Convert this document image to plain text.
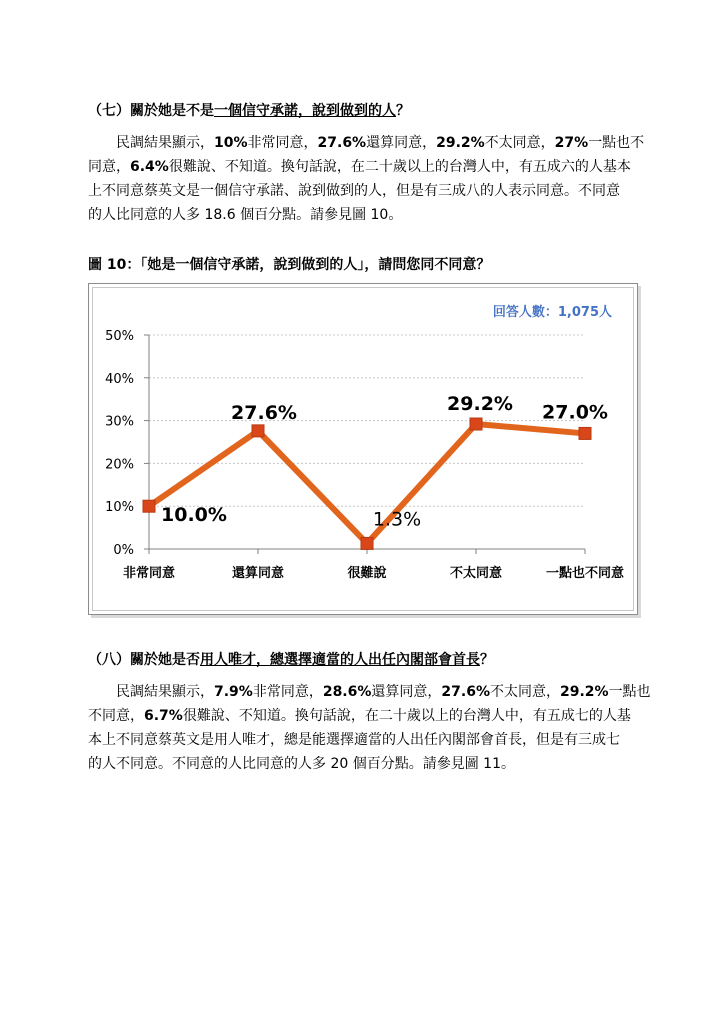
（七）關於她是不是一個信守承諾，說到做到的人？
民調結果顯示，10%非常同意，27.6%還算同意，29.2%不太同意，27%一點也不
同意，6.4%很難說、不知道。換句話說，在二十歲以上的台灣人中，有五成六的人基本
上不同意蔡英文是一個信守承諾、說到做到的人，但是有三成八的人表示同意。不同意
的人比同意的人多 18.6 個百分點。請參見圖 10。
圖 10：「她是一個信守承諾，說到做到的人」，請問您同不同意？
回答人數：1,075人
0%
10%
20%
30%
40%
50%
非常同意	還算同意	很難說	不太同意	一點也不同意
10.0%
27.6%
1.3%
29.2% 27.0%
（八）關於她是否用人唯才，總選擇適當的人出任內閣部會首長？
民調結果顯示，7.9%非常同意，28.6%還算同意，27.6%不太同意，29.2%一點也
不同意，6.7%很難說、不知道。換句話說，在二十歲以上的台灣人中，有五成七的人基
本上不同意蔡英文是用人唯才，總是能選擇適當的人出任內閣部會首長，但是有三成七
的人不同意。不同意的人比同意的人多 20 個百分點。請參見圖 11。
